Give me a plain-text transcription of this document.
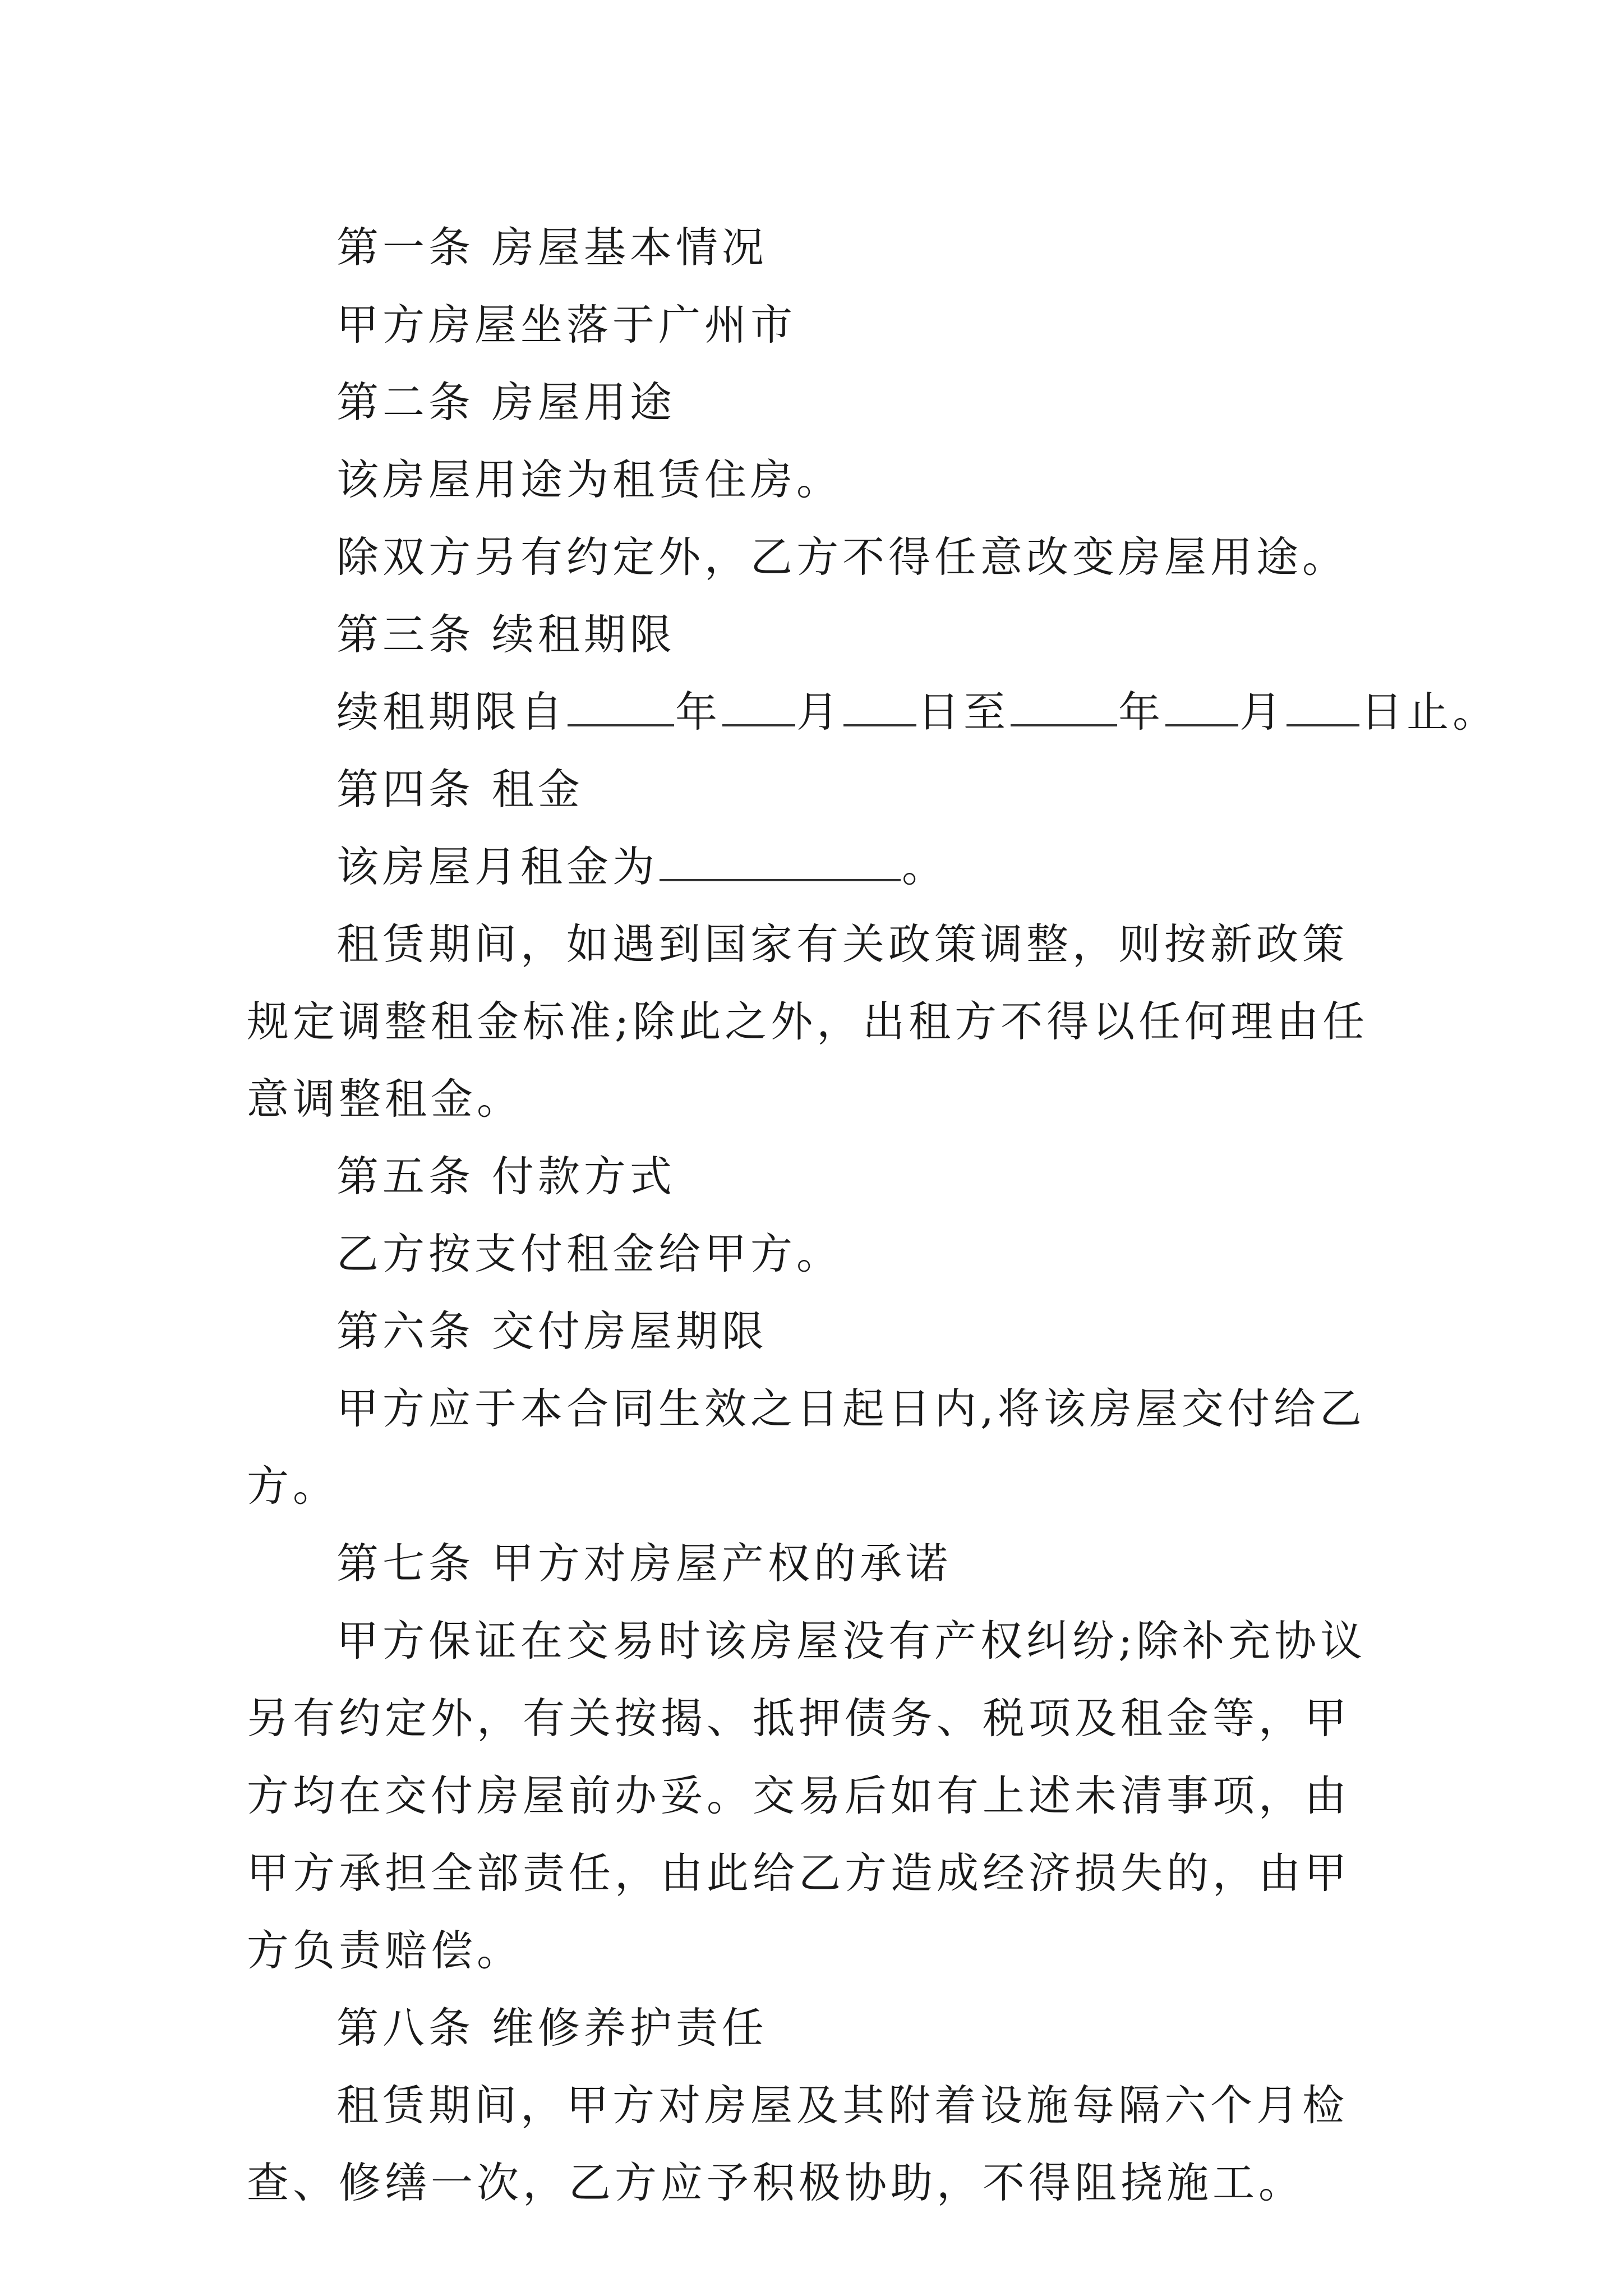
第一条 房屋基本情况

甲方房屋坐落于广州市

第二条 房屋用途

该房屋用途为租赁住房。

除双方另有约定外，乙方不得任意改变房屋用途。

第三条 续租期限

续租期限自	年 月 日至	年 月 日止。

第四条 租金

该房屋月租金为	。

租赁期间，如遇到国家有关政策调整，则按新政策规定调整租金标准;除此之外，出租方不得以任何理由任意调整租金。

第五条 付款方式

乙方按支付租金给甲方。

第六条 交付房屋期限

甲方应于本合同生效之日起日内,将该房屋交付给乙方。

第七条 甲方对房屋产权的承诺

甲方保证在交易时该房屋没有产权纠纷;除补充协议另有约定外，有关按揭、抵押债务、税项及租金等，甲方均在交付房屋前办妥。交易后如有上述未清事项，由甲方承担全部责任，由此给乙方造成经济损失的，由甲方负责赔偿。

第八条 维修养护责任

租赁期间，甲方对房屋及其附着设施每隔六个月检查、修缮一次，乙方应予积极协助，不得阻挠施工。
